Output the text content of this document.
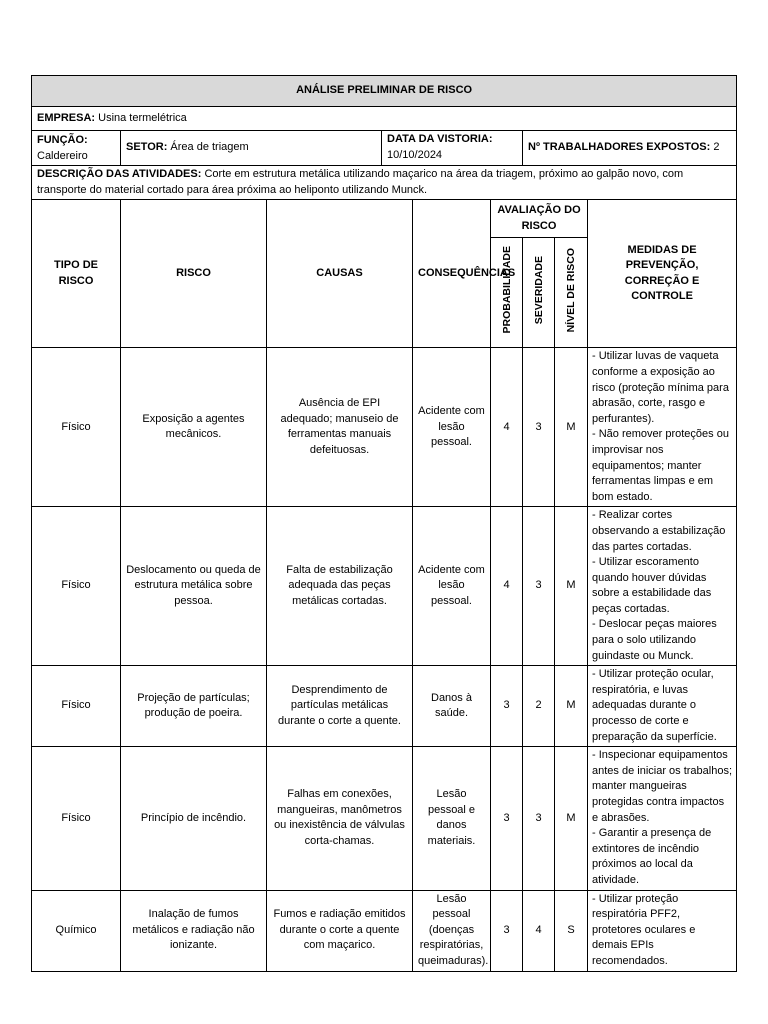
ANÁLISE PRELIMINAR DE RISCO								
EMPRESA: Usina termelétrica								
FUNÇÃO: Caldereiro	SETOR: Área de triagem		DATA DA VISTORIA:
10/10/2024			Nº TRABALHADORES EXPOSTOS: 2		
DESCRIÇÃO DAS ATIVIDADES: Corte em estrutura metálica utilizando maçarico na área da triagem, próximo ao galpão novo, com transporte do material cortado para área próxima ao heliponto utilizando Munck.								
TIPO DE RISCO	RISCO	CAUSAS		CONSEQUÊNCIAS	AVALIAÇÃO DO RISCO			MEDIDAS DE PREVENÇÃO, CORREÇÃO E CONTROLE
					PROBABILIDADE	SEVERIDADE	NÍVEL DE RISCO	
Físico	Exposição a agentes mecânicos.	Ausência de EPI adequado; manuseio de ferramentas manuais defeituosas.		Acidente com lesão pessoal.	4	3	M	- Utilizar luvas de vaqueta conforme a exposição ao risco (proteção mínima para abrasão, corte, rasgo e perfurantes).
- Não remover proteções ou improvisar nos equipamentos; manter ferramentas limpas e em bom estado.

Físico	Deslocamento ou queda de estrutura metálica sobre pessoa.	Falta de estabilização adequada das peças metálicas cortadas.		Acidente com lesão pessoal.	4	3	M	- Realizar cortes observando a estabilização das partes cortadas.
- Utilizar escoramento quando houver dúvidas sobre a estabilidade das peças cortadas.
- Deslocar peças maiores para o solo utilizando guindaste ou Munck.

Físico	Projeção de partículas; produção de poeira.	Desprendimento de partículas metálicas durante o corte a quente.		Danos à saúde.	3	2	M	- Utilizar proteção ocular, respiratória, e luvas adequadas durante o processo de corte e preparação da superfície.

Físico	Princípio de incêndio.	Falhas em conexões, mangueiras, manômetros ou inexistência de válvulas corta-chamas.		Lesão pessoal e danos materiais.	3	3	M	- Inspecionar equipamentos antes de iniciar os trabalhos; manter mangueiras protegidas contra impactos e abrasões.
- Garantir a presença de extintores de incêndio próximos ao local da atividade.

Químico	Inalação de fumos metálicos e radiação não ionizante.	Fumos e radiação emitidos durante o corte a quente com maçarico.		Lesão pessoal (doenças respiratórias, queimaduras).	3	4	S	- Utilizar proteção respiratória PFF2, protetores oculares e demais EPIs recomendados.
